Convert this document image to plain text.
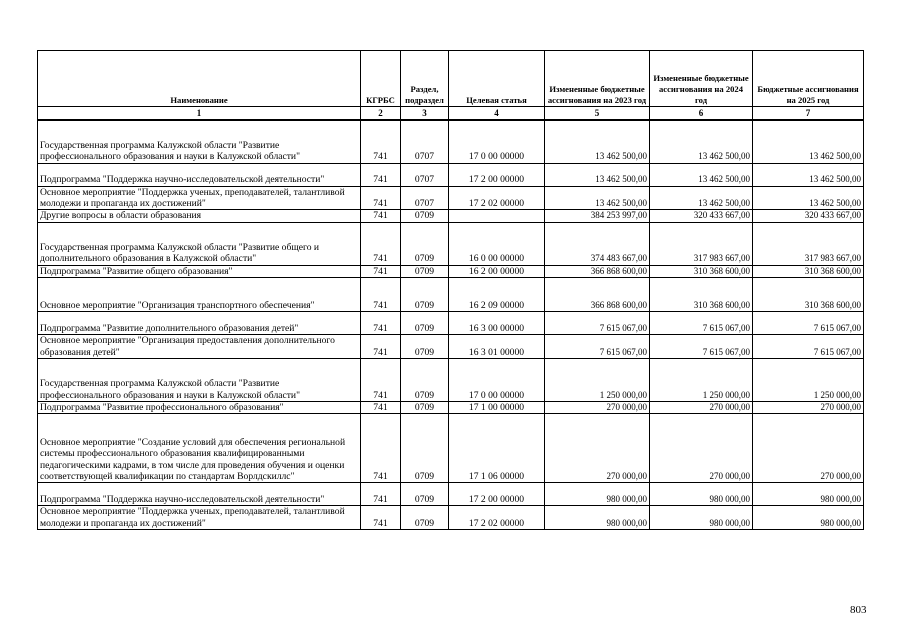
Наименование	КГРБС	Раздел, подраздел	Целевая статья	Измененные бюджетные ассигнования на 2023 год	Измененные бюджетные ассигнования на 2024 год	Бюджетные ассигнования на 2025 год
1	2	3	4	5	6	7
Государственная программа Калужской области "Развитие профессионального образования и науки в Калужской области"	741	0707	17 0 00 00000	13 462 500,00	13 462 500,00	13 462 500,00
Подпрограмма "Поддержка научно-исследовательской деятельности"	741	0707	17 2 00 00000	13 462 500,00	13 462 500,00	13 462 500,00
Основное мероприятие "Поддержка ученых, преподавателей, талантливой молодежи и пропаганда их достижений"	741	0707	17 2 02 00000	13 462 500,00	13 462 500,00	13 462 500,00
Другие вопросы в области образования	741	0709		384 253 997,00	320 433 667,00	320 433 667,00
Государственная программа Калужской области "Развитие общего и дополнительного образования в Калужской области"	741	0709	16 0 00 00000	374 483 667,00	317 983 667,00	317 983 667,00
Подпрограмма "Развитие общего образования"	741	0709	16 2 00 00000	366 868 600,00	310 368 600,00	310 368 600,00
Основное мероприятие "Организация транспортного обеспечения"	741	0709	16 2 09 00000	366 868 600,00	310 368 600,00	310 368 600,00
Подпрограмма "Развитие дополнительного образования детей"	741	0709	16 3 00 00000	7 615 067,00	7 615 067,00	7 615 067,00
Основное мероприятие "Организация предоставления дополнительного образования детей"	741	0709	16 3 01 00000	7 615 067,00	7 615 067,00	7 615 067,00
Государственная программа Калужской области "Развитие профессионального образования и науки в Калужской области"	741	0709	17 0 00 00000	1 250 000,00	1 250 000,00	1 250 000,00
Подпрограмма "Развитие профессионального образования"	741	0709	17 1 00 00000	270 000,00	270 000,00	270 000,00
Основное мероприятие "Создание условий для обеспечения региональной системы профессионального образования квалифицированными педагогическими кадрами, в том числе для проведения обучения и оценки соответствующей квалификации по стандартам Ворлдскиллс"	741	0709	17 1 06 00000	270 000,00	270 000,00	270 000,00
Подпрограмма "Поддержка научно-исследовательской деятельности"	741	0709	17 2 00 00000	980 000,00	980 000,00	980 000,00
Основное мероприятие "Поддержка ученых, преподавателей, талантливой молодежи и пропаганда их достижений"	741	0709	17 2 02 00000	980 000,00	980 000,00	980 000,00
803
